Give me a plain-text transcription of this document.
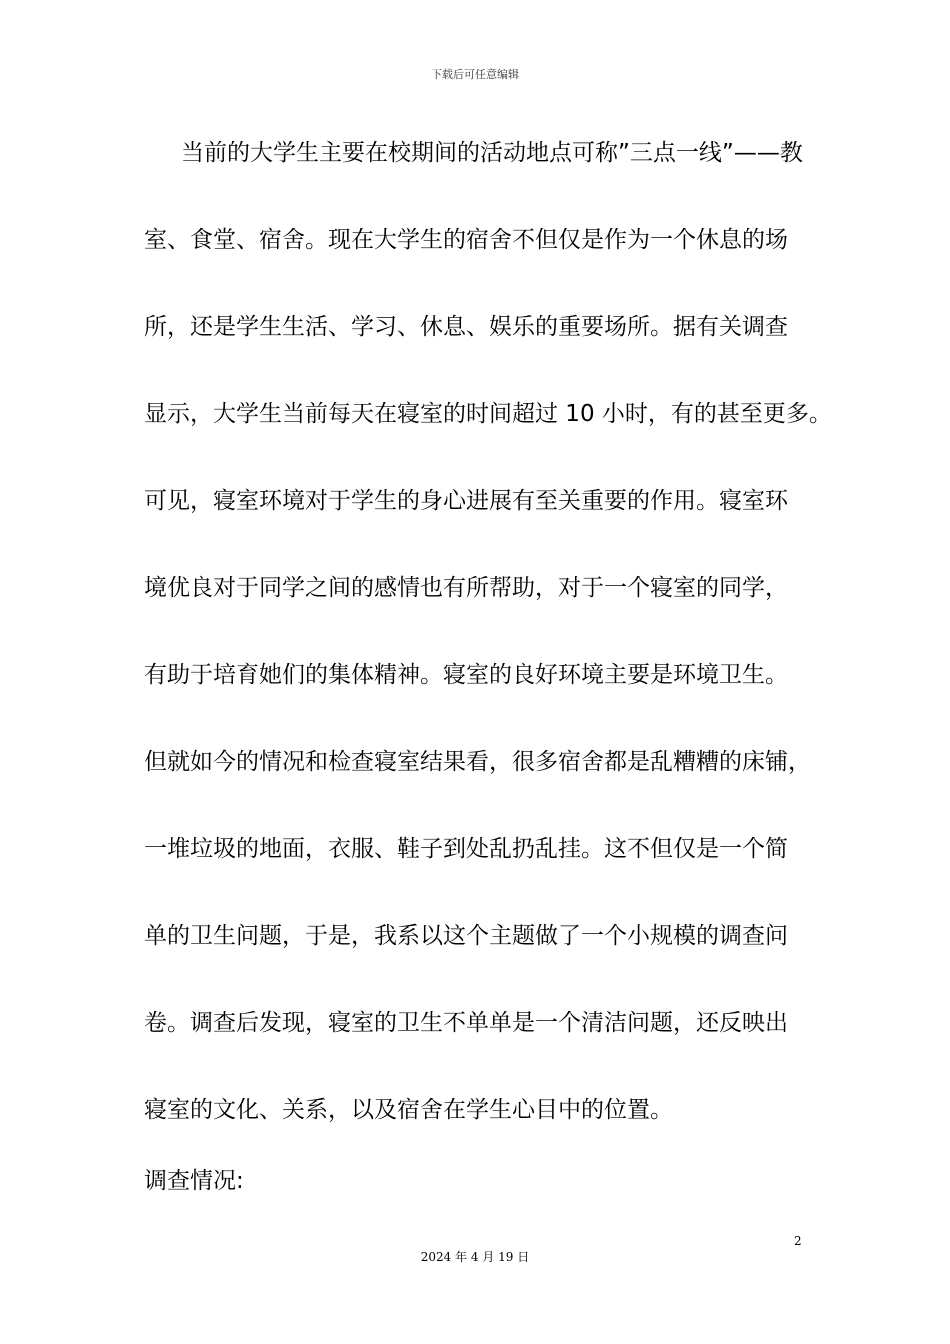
下载后可任意编辑
当前的大学生主要在校期间的活动地点可称”三点一线”——教
室、食堂、宿舍。现在大学生的宿舍不但仅是作为一个休息的场
所，还是学生生活、学习、休息、娱乐的重要场所。据有关调查
显示，大学生当前每天在寝室的时间超过 10 小时，有的甚至更多。
可见，寝室环境对于学生的身心进展有至关重要的作用。寝室环
境优良对于同学之间的感情也有所帮助，对于一个寝室的同学，
有助于培育她们的集体精神。寝室的良好环境主要是环境卫生。
但就如今的情况和检查寝室结果看，很多宿舍都是乱糟糟的床铺，
一堆垃圾的地面，衣服、鞋子到处乱扔乱挂。这不但仅是一个简
单的卫生问题，于是，我系以这个主题做了一个小规模的调查问
卷。调查后发现，寝室的卫生不单单是一个清洁问题，还反映出
寝室的文化、关系，以及宿舍在学生心目中的位置。
调查情况:
2
2024 年 4 月 19 日
